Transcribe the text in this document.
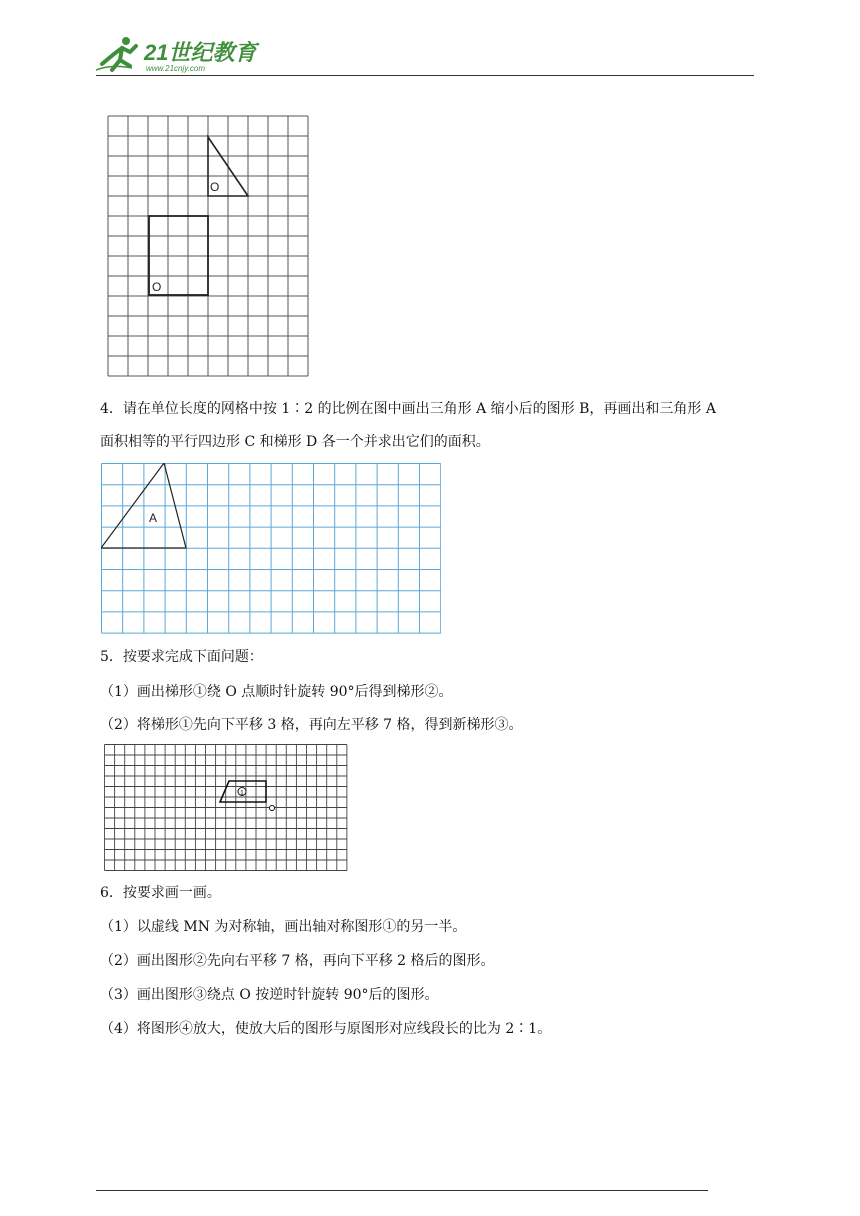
21世纪教育
www.21cnjy.com
O
O
4．请在单位长度的网格中按 1∶2 的比例在图中画出三角形 A 缩小后的图形 B，再画出和三角形 A
面积相等的平行四边形 C 和梯形 D 各一个并求出它们的面积。
A
5．按要求完成下面问题：
（1）画出梯形①绕 O 点顺时针旋转 90°后得到梯形②。
（2）将梯形①先向下平移 3 格，再向左平移 7 格，得到新梯形③。
1
6．按要求画一画。
（1）以虚线 MN 为对称轴，画出轴对称图形①的另一半。
（2）画出图形②先向右平移 7 格，再向下平移 2 格后的图形。
（3）画出图形③绕点 O 按逆时针旋转 90°后的图形。
（4）将图形④放大，使放大后的图形与原图形对应线段长的比为 2∶1。
